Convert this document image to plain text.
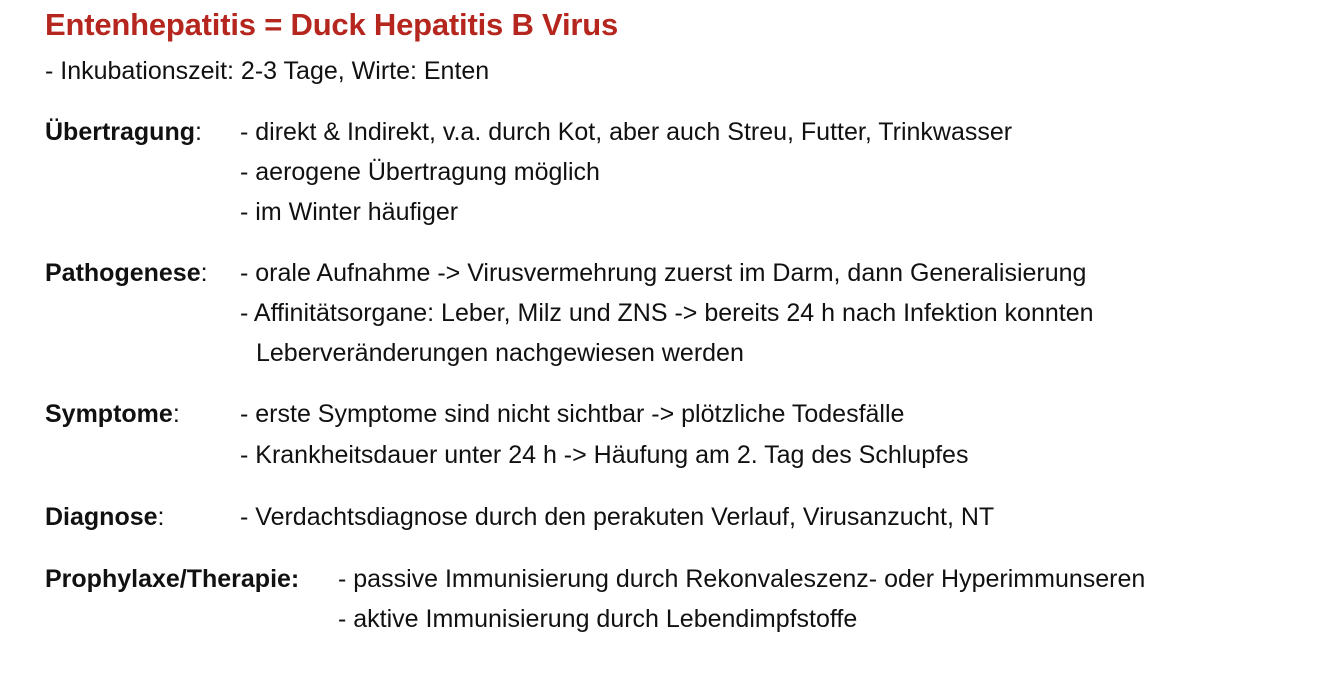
Entenhepatitis = Duck Hepatitis B Virus
- Inkubationszeit: 2-3 Tage, Wirte: Enten
Übertragung: - direkt & Indirekt, v.a. durch Kot, aber auch Streu, Futter, Trinkwasser
- aerogene Übertragung möglich
- im Winter häufiger
Pathogenese: - orale Aufnahme -> Virusvermehrung zuerst im Darm, dann Generalisierung
- Affinitätsorgane: Leber, Milz und ZNS -> bereits 24 h nach Infektion konnten
Leberveränderungen nachgewiesen werden
Symptome: - erste Symptome sind nicht sichtbar -> plötzliche Todesfälle
- Krankheitsdauer unter 24 h -> Häufung am 2. Tag des Schlupfes
Diagnose:	- Verdachtsdiagnose durch den perakuten Verlauf, Virusanzucht, NT
Prophylaxe/Therapie: - passive Immunisierung durch Rekonvaleszenz- oder Hyperimmunseren
- aktive Immunisierung durch Lebendimpfstoffe
